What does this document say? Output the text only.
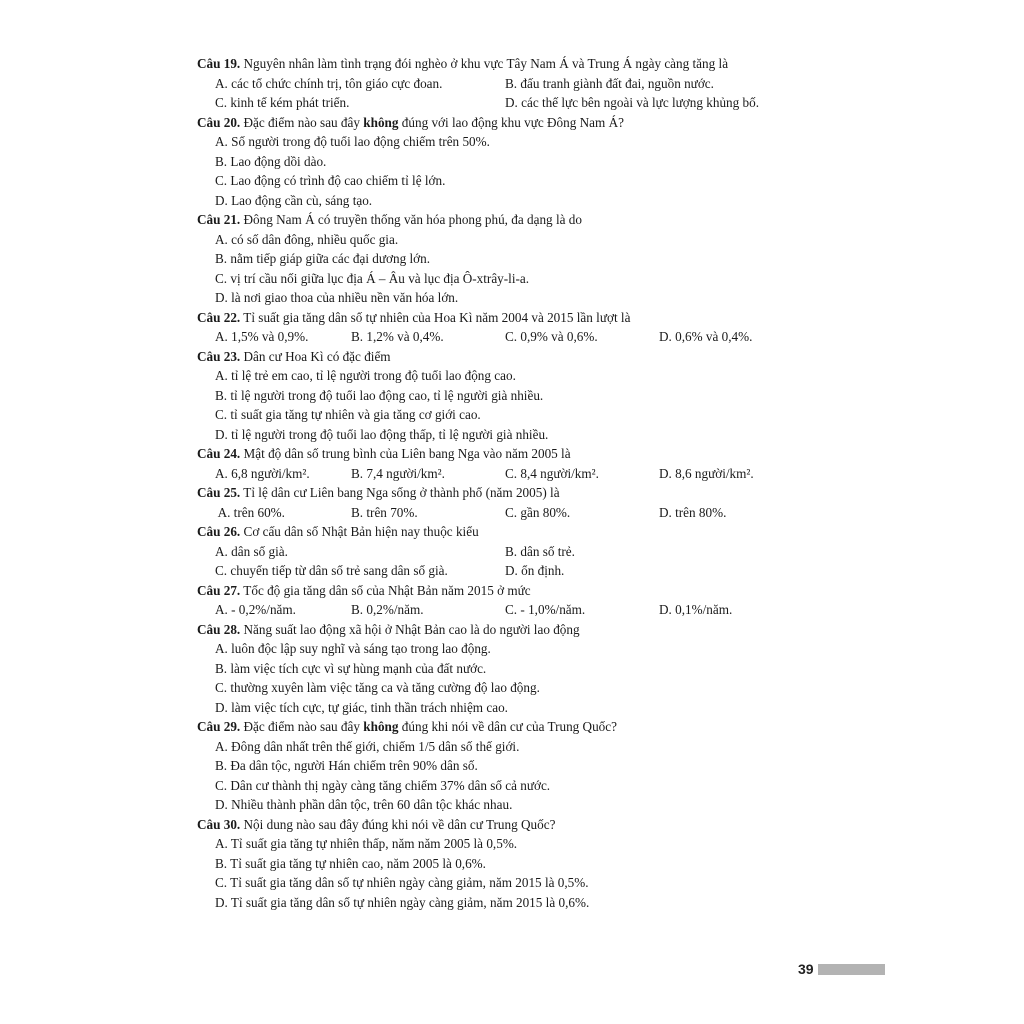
Câu 19. Nguyên nhân làm tình trạng đói nghèo ở khu vực Tây Nam Á và Trung Á ngày càng tăng là
A. các tổ chức chính trị, tôn giáo cực đoan.	B. đấu tranh giành đất đai, nguồn nước.
C. kinh tế kém phát triển.	D. các thế lực bên ngoài và lực lượng khủng bố.
Câu 20. Đặc điểm nào sau đây không đúng với lao động khu vực Đông Nam Á?
A. Số người trong độ tuổi lao động chiếm trên 50%.
B. Lao động dồi dào.
C. Lao động có trình độ cao chiếm tỉ lệ lớn.
D. Lao động cần cù, sáng tạo.
Câu 21. Đông Nam Á có truyền thống văn hóa phong phú, đa dạng là do
A. có số dân đông, nhiều quốc gia.
B. nằm tiếp giáp giữa các đại dương lớn.
C. vị trí cầu nối giữa lục địa Á – Âu và lục địa Ô-xtrây-li-a.
D. là nơi giao thoa của nhiều nền văn hóa lớn.
Câu 22. Tỉ suất gia tăng dân số tự nhiên của Hoa Kì năm 2004 và 2015 lần lượt là
A. 1,5% và 0,9%.	B. 1,2% và 0,4%.	C. 0,9% và 0,6%.	D. 0,6% và 0,4%.
Câu 23. Dân cư Hoa Kì có đặc điểm
A. tỉ lệ trẻ em cao, tỉ lệ người trong độ tuổi lao động cao.
B. tỉ lệ người trong độ tuổi lao động cao, tỉ lệ người già nhiều.
C. tỉ suất gia tăng tự nhiên và gia tăng cơ giới cao.
D. tỉ lệ người trong độ tuổi lao động thấp, tỉ lệ người già nhiều.
Câu 24. Mật độ dân số trung bình của Liên bang Nga vào năm 2005 là
A. 6,8 người/km².	B. 7,4 người/km².	C. 8,4 người/km².	D. 8,6 người/km².
Câu 25. Tỉ lệ dân cư Liên bang Nga sống ở thành phố (năm 2005) là
A. trên 60%.	B. trên 70%.	C. gần 80%.	D. trên 80%.
Câu 26. Cơ cấu dân số Nhật Bản hiện nay thuộc kiểu
A. dân số già.	B. dân số trẻ.
C. chuyển tiếp từ dân số trẻ sang dân số già.	D. ổn định.
Câu 27. Tốc độ gia tăng dân số của Nhật Bản năm 2015 ở mức
A. - 0,2%/năm.	B. 0,2%/năm.	C. - 1,0%/năm.	D. 0,1%/năm.
Câu 28. Năng suất lao động xã hội ở Nhật Bản cao là do người lao động
A. luôn độc lập suy nghĩ và sáng tạo trong lao động.
B. làm việc tích cực vì sự hùng mạnh của đất nước.
C. thường xuyên làm việc tăng ca và tăng cường độ lao động.
D. làm việc tích cực, tự giác, tinh thần trách nhiệm cao.
Câu 29. Đặc điểm nào sau đây không đúng khi nói về dân cư của Trung Quốc?
A. Đông dân nhất trên thế giới, chiếm 1/5 dân số thế giới.
B. Đa dân tộc, người Hán chiếm trên 90% dân số.
C. Dân cư thành thị ngày càng tăng chiếm 37% dân số cả nước.
D. Nhiều thành phần dân tộc, trên 60 dân tộc khác nhau.
Câu 30. Nội dung nào sau đây đúng khi nói về dân cư Trung Quốc?
A. Tỉ suất gia tăng tự nhiên thấp, năm năm 2005 là 0,5%.
B. Tỉ suất gia tăng tự nhiên cao, năm 2005 là 0,6%.
C. Tỉ suất gia tăng dân số tự nhiên ngày càng giảm, năm 2015 là 0,5%.
D. Tỉ suất gia tăng dân số tự nhiên ngày càng giảm, năm 2015 là 0,6%.
39
